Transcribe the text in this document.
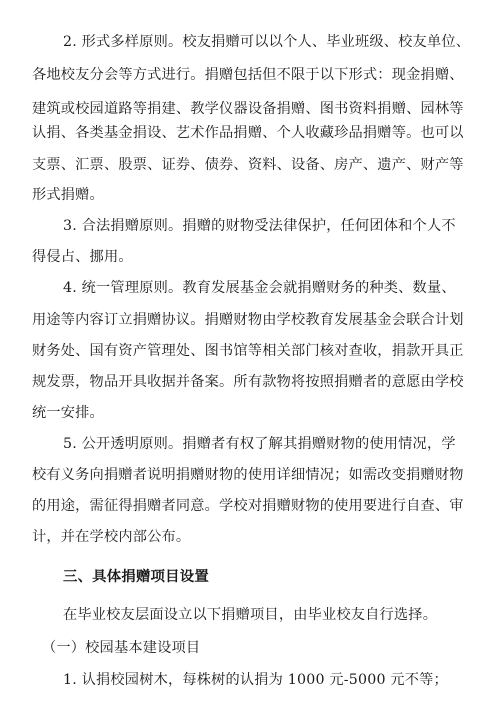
2. 形式多样原则。校友捐赠可以以个人、毕业班级、校友单位、
各地校友分会等方式进行。捐赠包括但不限于以下形式：现金捐赠、
建筑或校园道路等捐建、教学仪器设备捐赠、图书资料捐赠、园林等
认捐、各类基金捐设、艺术作品捐赠、个人收藏珍品捐赠等。也可以
支票、汇票、股票、证券、债券、资料、设备、房产、遗产、财产等
形式捐赠。
3. 合法捐赠原则。捐赠的财物受法律保护，任何团体和个人不
得侵占、挪用。
4. 统一管理原则。教育发展基金会就捐赠财务的种类、数量、
用途等内容订立捐赠协议。捐赠财物由学校教育发展基金会联合计划
财务处、国有资产管理处、图书馆等相关部门核对查收，捐款开具正
规发票，物品开具收据并备案。所有款物将按照捐赠者的意愿由学校
统一安排。
5. 公开透明原则。捐赠者有权了解其捐赠财物的使用情况，学
校有义务向捐赠者说明捐赠财物的使用详细情况；如需改变捐赠财物
的用途，需征得捐赠者同意。学校对捐赠财物的使用要进行自查、审
计，并在学校内部公布。
三、具体捐赠项目设置
在毕业校友层面设立以下捐赠项目，由毕业校友自行选择。
（一）校园基本建设项目
1. 认捐校园树木，每株树的认捐为 1000 元-5000 元不等；
